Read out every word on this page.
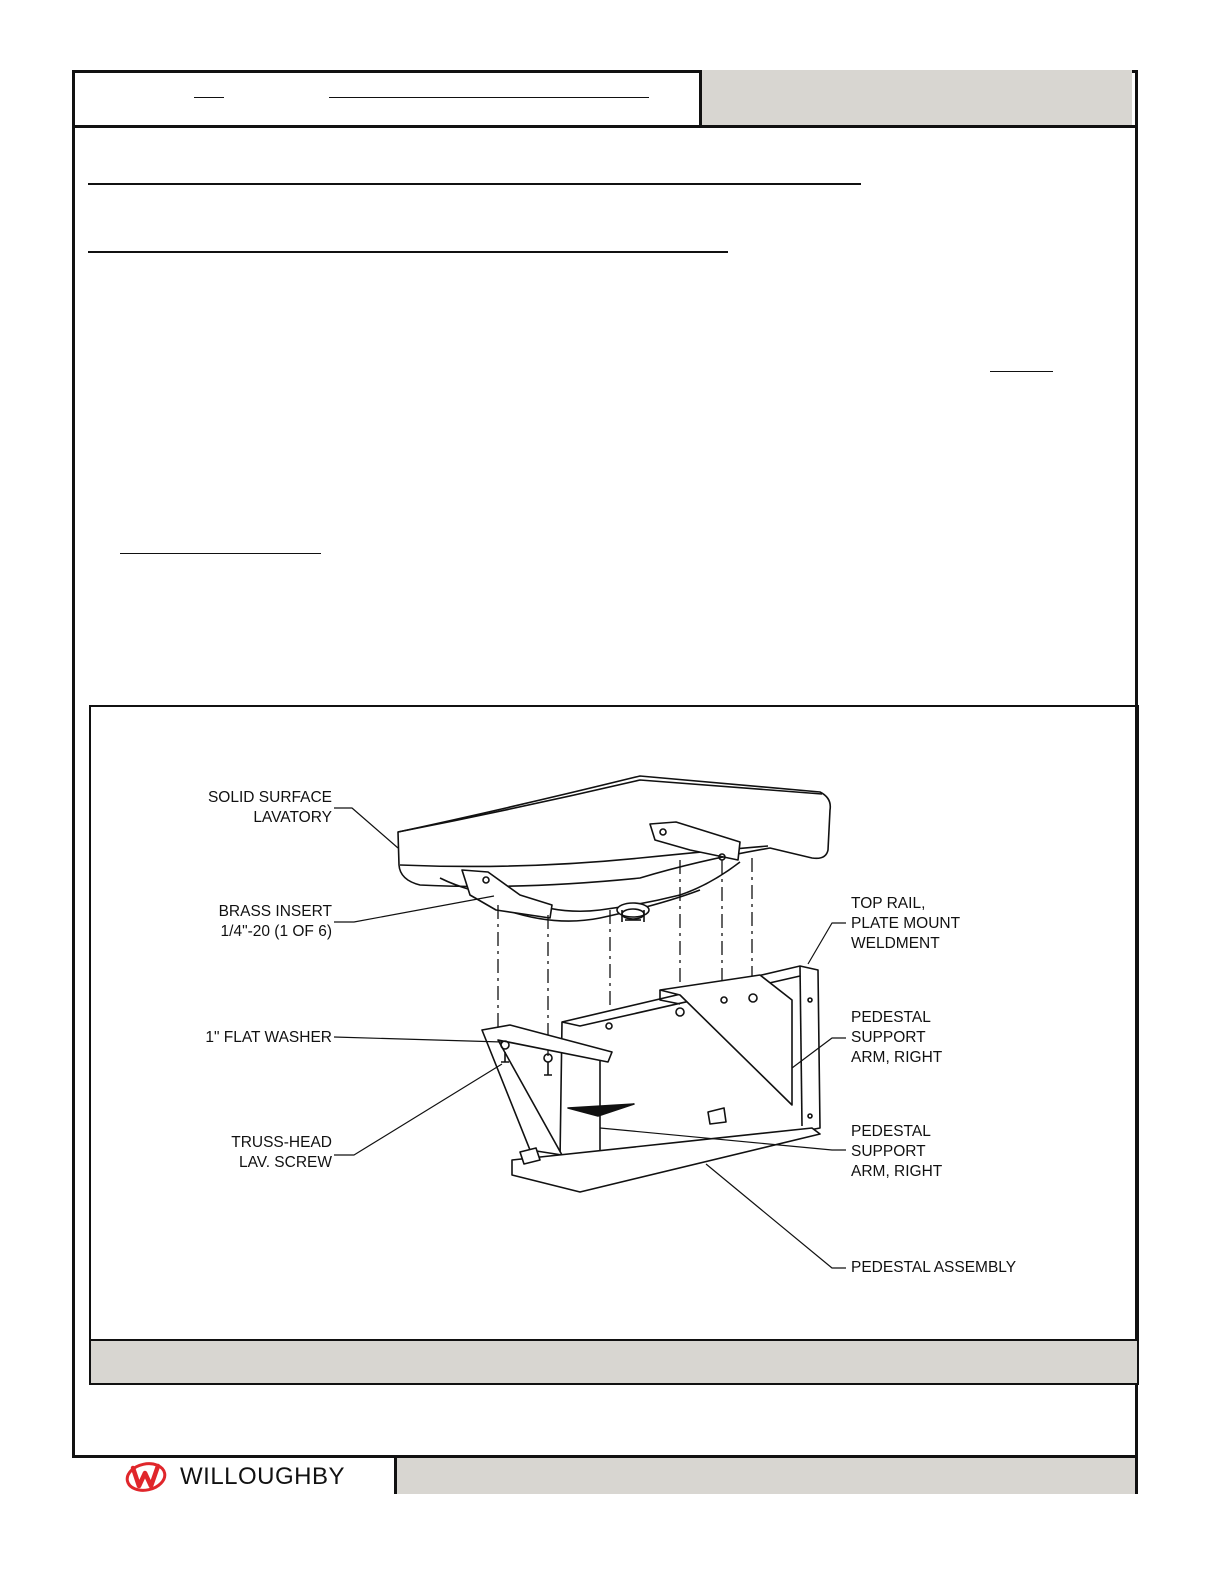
SOLID SURFACE
LAVATORY
BRASS INSERT
1/4"-20 (1 OF 6)
1" FLAT WASHER
TRUSS-HEAD
LAV. SCREW
TOP RAIL,
PLATE MOUNT
WELDMENT
PEDESTAL
SUPPORT
ARM, RIGHT
PEDESTAL
SUPPORT
ARM, RIGHT
PEDESTAL ASSEMBLY
WILLOUGHBY
